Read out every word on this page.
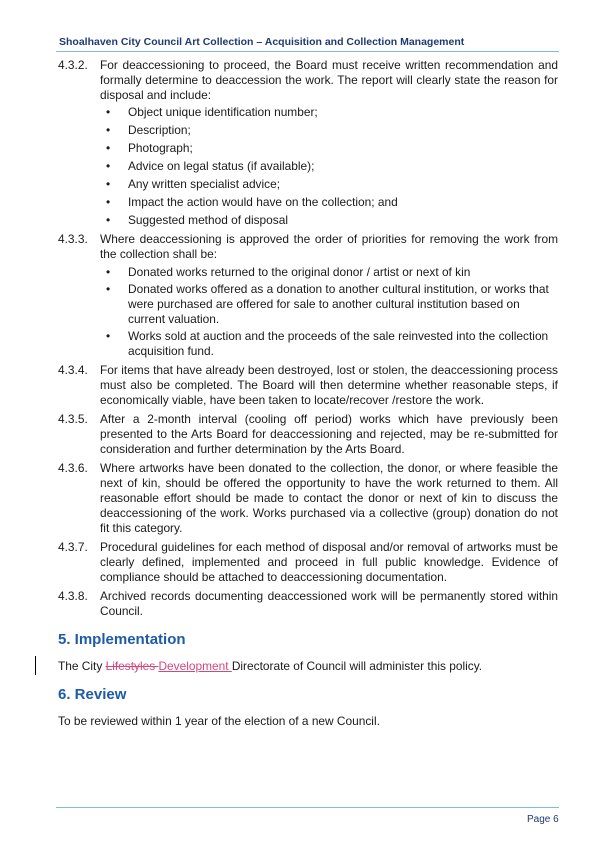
Shoalhaven City Council Art Collection – Acquisition and Collection Management
4.3.2. For deaccessioning to proceed, the Board must receive written recommendation and formally determine to deaccession the work. The report will clearly state the reason for disposal and include:
• Object unique identification number;
• Description;
• Photograph;
• Advice on legal status (if available);
• Any written specialist advice;
• Impact the action would have on the collection; and
• Suggested method of disposal
4.3.3. Where deaccessioning is approved the order of priorities for removing the work from the collection shall be:
• Donated works returned to the original donor / artist or next of kin
• Donated works offered as a donation to another cultural institution, or works that were purchased are offered for sale to another cultural institution based on current valuation.
• Works sold at auction and the proceeds of the sale reinvested into the collection acquisition fund.
4.3.4. For items that have already been destroyed, lost or stolen, the deaccessioning process must also be completed. The Board will then determine whether reasonable steps, if economically viable, have been taken to locate/recover /restore the work.
4.3.5. After a 2-month interval (cooling off period) works which have previously been presented to the Arts Board for deaccessioning and rejected, may be re-submitted for consideration and further determination by the Arts Board.
4.3.6. Where artworks have been donated to the collection, the donor, or where feasible the next of kin, should be offered the opportunity to have the work returned to them. All reasonable effort should be made to contact the donor or next of kin to discuss the deaccessioning of the work. Works purchased via a collective (group) donation do not fit this category.
4.3.7. Procedural guidelines for each method of disposal and/or removal of artworks must be clearly defined, implemented and proceed in full public knowledge. Evidence of compliance should be attached to deaccessioning documentation.
4.3.8. Archived records documenting deaccessioned work will be permanently stored within Council.
5. Implementation

The City Lifestyles Development Directorate of Council will administer this policy.

6. Review

To be reviewed within 1 year of the election of a new Council.

Page 6
